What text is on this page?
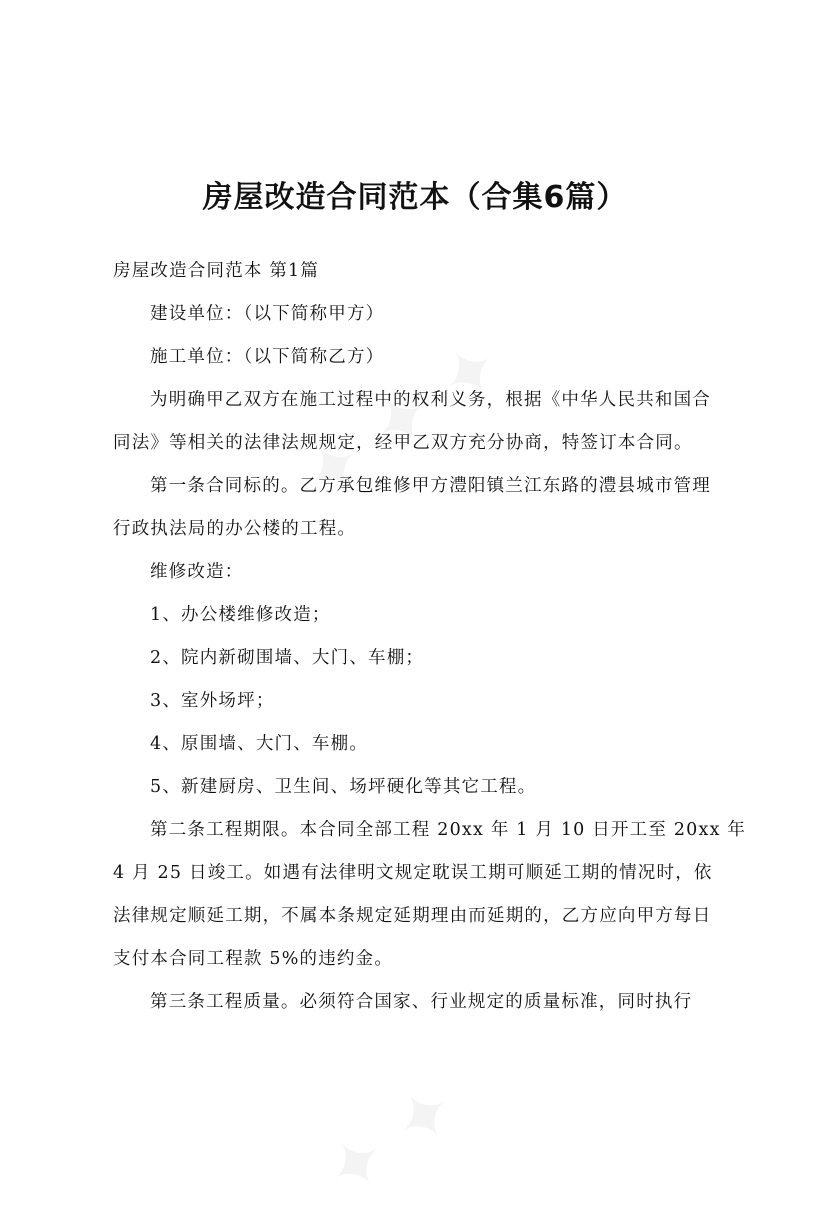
房屋改造合同范本（合集6篇）
房屋改造合同范本 第1篇
建设单位：（以下简称甲方）
施工单位：（以下简称乙方）
为明确甲乙双方在施工过程中的权利义务，根据《中华人民共和国合
同法》等相关的法律法规规定，经甲乙双方充分协商，特签订本合同。
第一条合同标的。乙方承包维修甲方澧阳镇兰江东路的澧县城市管理
行政执法局的办公楼的工程。
维修改造：
1、办公楼维修改造；
2、院内新砌围墙、大门、车棚；
3、室外场坪；
4、原围墙、大门、车棚。
5、新建厨房、卫生间、场坪硬化等其它工程。
第二条工程期限。本合同全部工程 20xx 年 1 月 10 日开工至 20xx 年
4 月 25 日竣工。如遇有法律明文规定耽误工期可顺延工期的情况时，依
法律规定顺延工期，不属本条规定延期理由而延期的，乙方应向甲方每日
支付本合同工程款 5%的违约金。
第三条工程质量。必须符合国家、行业规定的质量标准，同时执行
